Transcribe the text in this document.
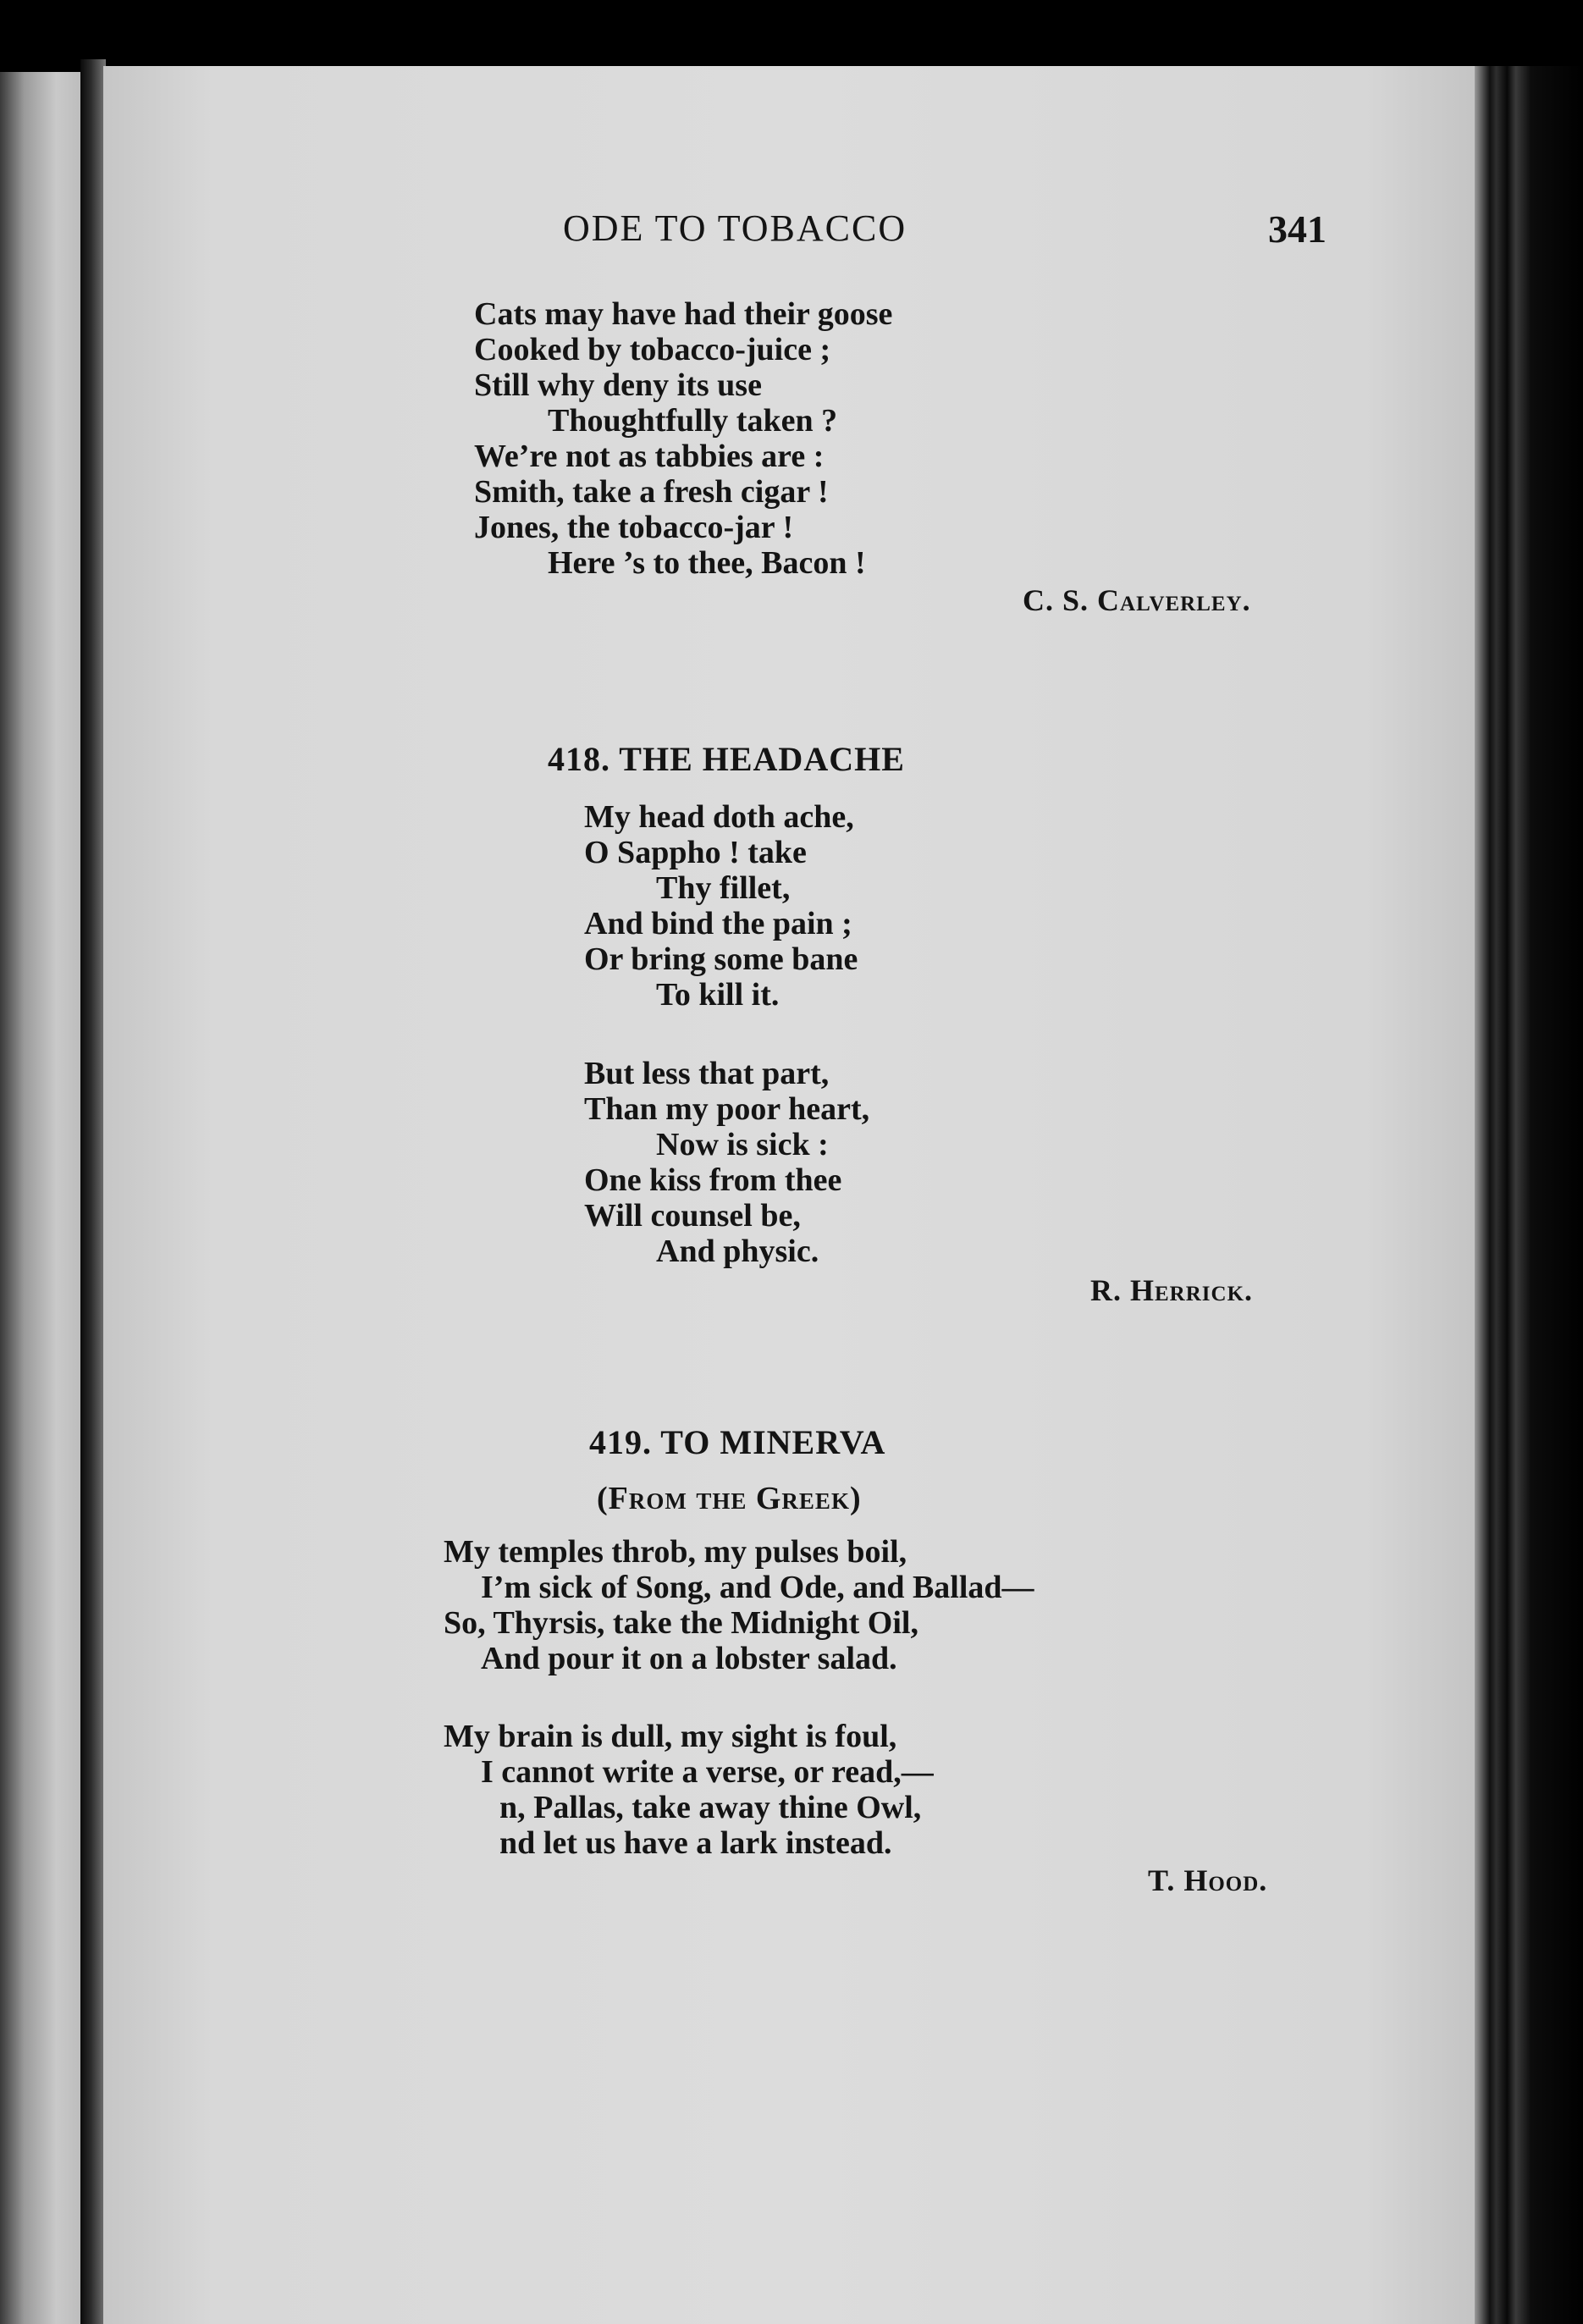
ODE TO TOBACCO	341
Cats may have had their goose
Cooked by tobacco-juice ;
Still why deny its use
Thoughtfully taken ?
We’re not as tabbies are :
Smith, take a fresh cigar !
Jones, the tobacco-jar !
Here ’s to thee, Bacon !
C. S. Calverley.
418. THE HEADACHE
My head doth ache,
O Sappho ! take
Thy fillet,
And bind the pain ;
Or bring some bane
To kill it.
But less that part,
Than my poor heart,
Now is sick :
One kiss from thee
Will counsel be,
And physic.
R. Herrick.
419. TO MINERVA
(From the Greek)
My temples throb, my pulses boil,
I’m sick of Song, and Ode, and Ballad—
So, Thyrsis, take the Midnight Oil,
And pour it on a lobster salad.
My brain is dull, my sight is foul,
I cannot write a verse, or read,—
n, Pallas, take away thine Owl,
nd let us have a lark instead.
T. Hood.
